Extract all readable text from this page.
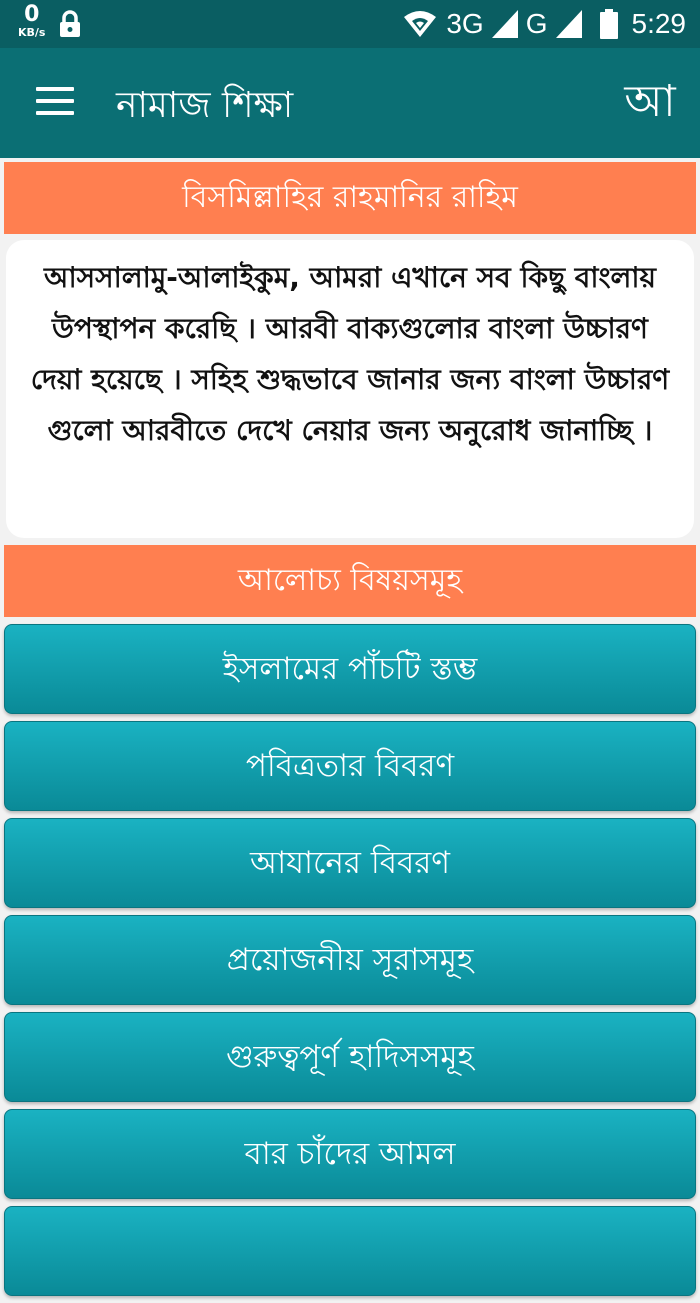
0
KB/s	3G G	5:29
নামাজ শিক্ষা	আ
বিসমিল্লাহির রাহমানির রাহিম
আসসালামু-আলাইকুম, আমরা এখানে সব কিছু বাংলায় উপস্থাপন করেছি । আরবী বাক্যগুলোর বাংলা উচ্চারণ দেয়া হয়েছে । সহিহ শুদ্ধভাবে জানার জন্য বাংলা উচ্চারণ গুলো আরবীতে দেখে নেয়ার জন্য অনুরোধ জানাচ্ছি ।
আলোচ্য বিষয়সমূহ
ইসলামের পাঁচটি স্তম্ভ
পবিত্রতার বিবরণ
আযানের বিবরণ
প্রয়োজনীয় সূরাসমূহ
গুরুত্বপূর্ণ হাদিসসমূহ
বার চাঁদের আমল
